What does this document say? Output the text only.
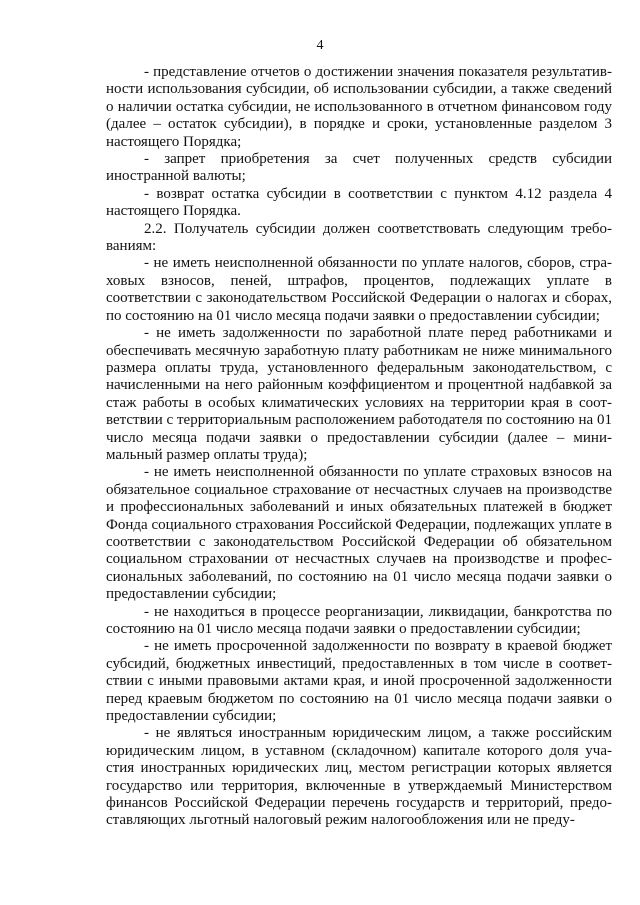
4

- представление отчетов о достижении значения показателя результативности использования субсидии, об использовании субсидии, а также сведений о наличии остатка субсидии, не использованного в отчетном финансовом году (далее – остаток субсидии), в порядке и сроки, установленные разделом 3 настоящего Порядка;

- запрет приобретения за счет полученных средств субсидии иностранной валюты;

- возврат остатка субсидии в соответствии с пунктом 4.12 раздела 4 настоящего Порядка.

2.2. Получатель субсидии должен соответствовать следующим требованиям:

- не иметь неисполненной обязанности по уплате налогов, сборов, страховых взносов, пеней, штрафов, процентов, подлежащих уплате в соответствии с законодательством Российской Федерации о налогах и сборах, по состоянию на 01 число месяца подачи заявки о предоставлении субсидии;

- не иметь задолженности по заработной плате перед работниками и обеспечивать месячную заработную плату работникам не ниже минимального размера оплаты труда, установленного федеральным законодательством, с начисленными на него районным коэффициентом и процентной надбавкой за стаж работы в особых климатических условиях на территории края в соответствии с территориальным расположением работодателя по состоянию на 01 число месяца подачи заявки о предоставлении субсидии (далее – минимальный размер оплаты труда);

- не иметь неисполненной обязанности по уплате страховых взносов на обязательное социальное страхование от несчастных случаев на производстве и профессиональных заболеваний и иных обязательных платежей в бюджет Фонда социального страхования Российской Федерации, подлежащих уплате в соответствии с законодательством Российской Федерации об обязательном социальном страховании от несчастных случаев на производстве и профессиональных заболеваний, по состоянию на 01 число месяца подачи заявки о предоставлении субсидии;

- не находиться в процессе реорганизации, ликвидации, банкротства по состоянию на 01 число месяца подачи заявки о предоставлении субсидии;

- не иметь просроченной задолженности по возврату в краевой бюджет субсидий, бюджетных инвестиций, предоставленных в том числе в соответствии с иными правовыми актами края, и иной просроченной задолженности перед краевым бюджетом по состоянию на 01 число месяца подачи заявки о предоставлении субсидии;

- не являться иностранным юридическим лицом, а также российским юридическим лицом, в уставном (складочном) капитале которого доля участия иностранных юридических лиц, местом регистрации которых является государство или территория, включенные в утверждаемый Министерством финансов Российской Федерации перечень государств и территорий, предоставляющих льготный налоговый режим налогообложения или не преду-
